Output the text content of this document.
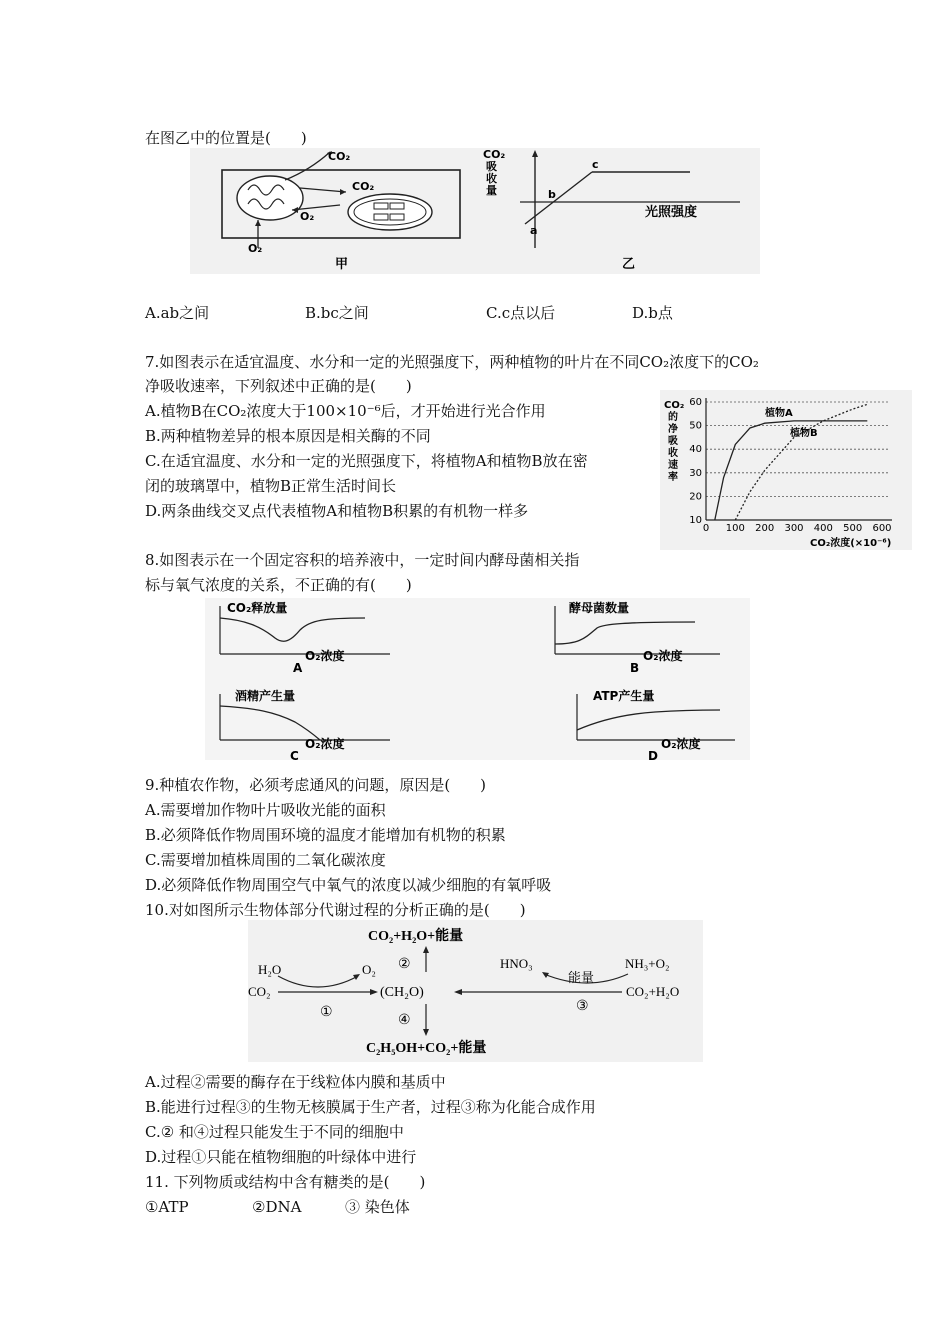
在图乙中的位置是(　　)
CO₂
CO₂
O₂
O₂
甲
CO₂
吸
收
量
光照强度
a
b
c
乙
A.ab之间	B.bc之间	C.c点以后	D.b点
7.如图表示在适宜温度、水分和一定的光照强度下，两种植物的叶片在不同CO₂浓度下的CO₂
净吸收速率，下列叙述中正确的是(　　)
A.植物B在CO₂浓度大于100×10⁻⁶后，才开始进行光合作用
B.两种植物差异的根本原因是相关酶的不同
C.在适宜温度、水分和一定的光照强度下，将植物A和植物B放在密
闭的玻璃罩中，植物B正常生活时间长
D.两条曲线交叉点代表植物A和植物B积累的有机物一样多
CO₂
的
净
吸
收
速
率
10
20
30
40
50
60
0 100 200 300 400 500 600
植物A
植物B
CO₂浓度(×10⁻⁶)
8.如图表示在一个固定容积的培养液中，一定时间内酵母菌相关指
标与氧气浓度的关系，不正确的有(　　)
CO₂释放量
O₂浓度
A
酵母菌数量
O₂浓度
B
酒精产生量
O₂浓度
C
ATP产生量
O₂浓度
D
9.种植农作物，必须考虑通风的问题，原因是(　　)
A.需要增加作物叶片吸收光能的面积
B.必须降低作物周围环境的温度才能增加有机物的积累
C.需要增加植株周围的二氧化碳浓度
D.必须降低作物周围空气中氧气的浓度以减少细胞的有氧呼吸
10.对如图所示生物体部分代谢过程的分析正确的是(　　)
CO₂+H₂O+能量
H₂O	O₂
CO₂	(CH₂O)
HNO₃
能量
NH₃+O₂
CO₂+H₂O
C₂H₅OH+CO₂+能量
②
①	③
④
A.过程②需要的酶存在于线粒体内膜和基质中
B.能进行过程③的生物无核膜属于生产者，过程③称为化能合成作用
C.② 和④过程只能发生于不同的细胞中
D.过程①只能在植物细胞的叶绿体中进行
11. 下列物质或结构中含有糖类的是(　　)
①ATP	②DNA	③ 染色体
